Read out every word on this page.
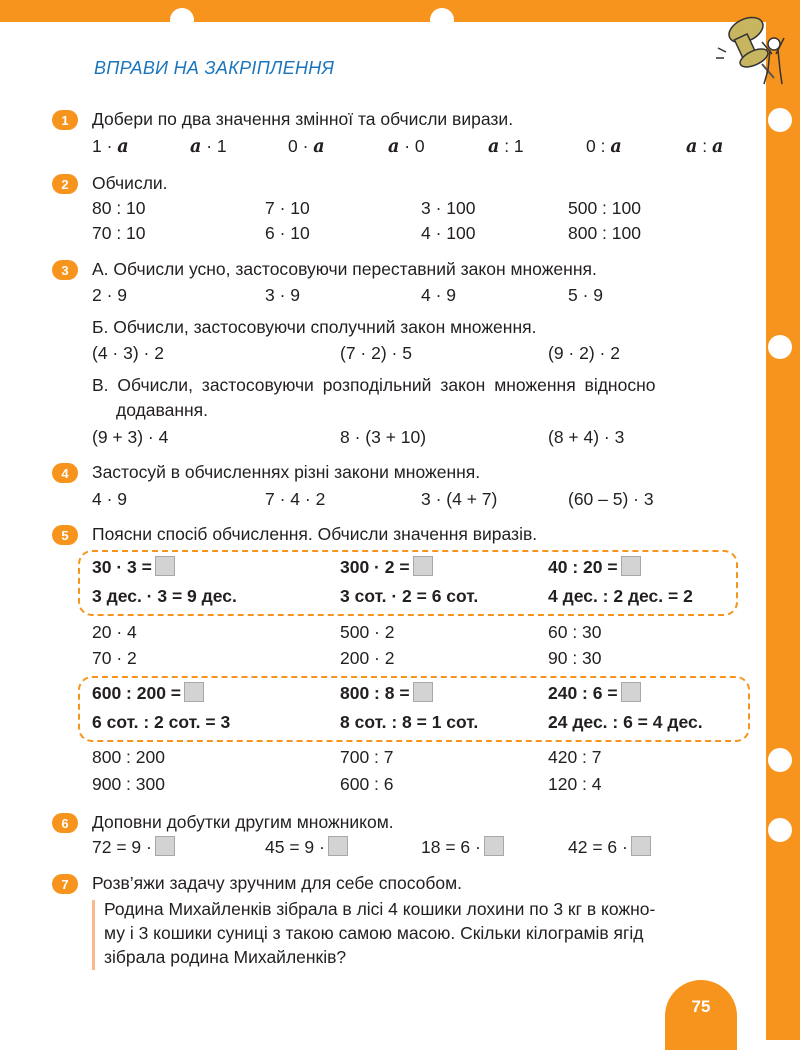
75
ВПРАВИ НА ЗАКРІПЛЕННЯ
1	Добери по два значення змінної та обчисли вирази.
1 · a	a · 1	0 · a	a · 0	a : 1	0 : a	a : a
2	Обчисли.
80 : 10	7 · 10	3 · 100	500 : 100
70 : 10	6 · 10	4 · 100	800 : 100
3	А. Обчисли усно, застосовуючи переставний закон множення.
2 · 9	3 · 9	4 · 9	5 · 9
Б. Обчисли, застосовуючи сполучний закон множення.
(4 · 3) · 2	(7 · 2) · 5	(9 · 2) · 2
В. Обчисли, застосовуючи розподільний закон множення відносно
додавання.
(9 + 3) · 4	8 · (3 + 10)	(8 + 4) · 3
4	Застосуй в обчисленнях різні закони множення.
4 · 9	7 · 4 · 2	3 · (4 + 7)	(60 – 5) · 3
5	Поясни спосіб обчислення. Обчисли значення виразів.
30 · 3 =	300 · 2 =	40 : 20 =
3 дес. · 3 = 9 дес.	3 сот. · 2 = 6 сот.	4 дес. : 2 дес. = 2
20 · 4	500 · 2	60 : 30
70 · 2	200 · 2	90 : 30
600 : 200 =	800 : 8 =	240 : 6 =
6 сот. : 2 сот. = 3	8 сот. : 8 = 1 сот.	24 дес. : 6 = 4 дес.
800 : 200	700 : 7	420 : 7
900 : 300	600 : 6	120 : 4
6	Доповни добутки другим множником.
72 = 9 ·	45 = 9 ·	18 = 6 ·	42 = 6 ·
7	Розв’яжи задачу зручним для себе способом.
Родина Михайленків зібрала в лісі 4 кошики лохини по 3 кг в кожно-
му і 3 кошики суниці з такою самою масою. Скільки кілограмів ягід
зібрала родина Михайленків?
